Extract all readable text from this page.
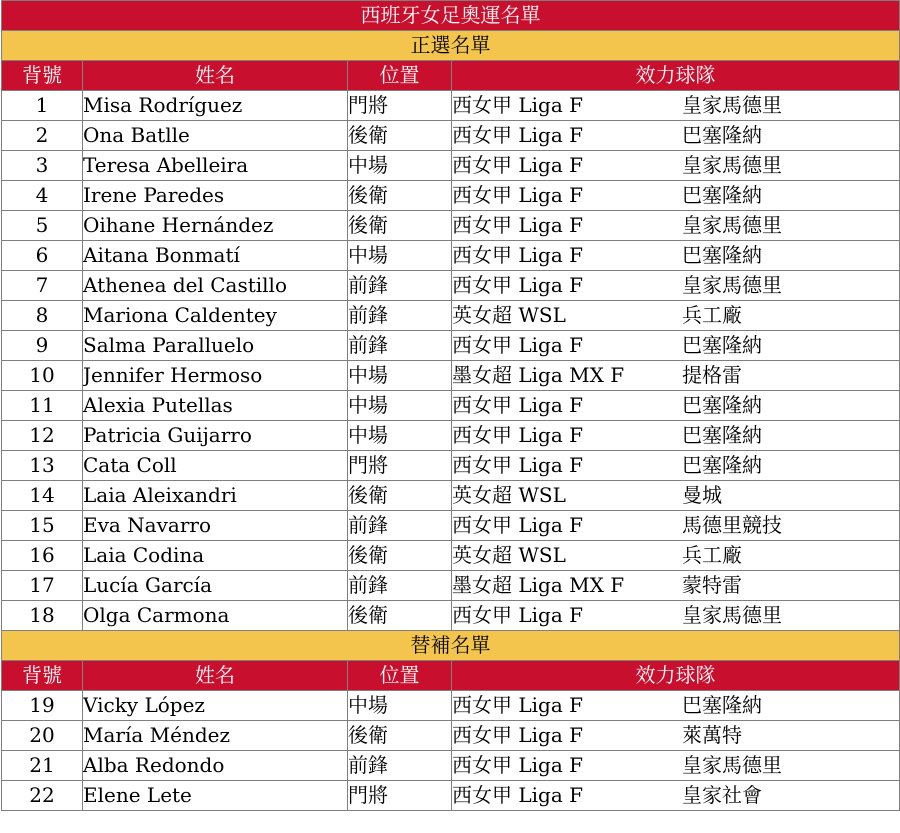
西班牙女足奧運名單			
正選名單			
背號	姓名	位置	效力球隊
1	Misa Rodríguez	門將	西女甲 Liga F 皇家馬德里
2	Ona Batlle	後衛	西女甲 Liga F 巴塞隆納
3	Teresa Abelleira	中場	西女甲 Liga F 皇家馬德里
4	Irene Paredes	後衛	西女甲 Liga F 巴塞隆納
5	Oihane Hernández	後衛	西女甲 Liga F 皇家馬德里
6	Aitana Bonmatí	中場	西女甲 Liga F 巴塞隆納
7	Athenea del Castillo	前鋒	西女甲 Liga F 皇家馬德里
8	Mariona Caldentey	前鋒	英女超 WSL 兵工廠
9	Salma Paralluelo	前鋒	西女甲 Liga F 巴塞隆納
10	Jennifer Hermoso	中場	墨女超 Liga MX F 提格雷
11	Alexia Putellas	中場	西女甲 Liga F 巴塞隆納
12	Patricia Guijarro	中場	西女甲 Liga F 巴塞隆納
13	Cata Coll	門將	西女甲 Liga F 巴塞隆納
14	Laia Aleixandri	後衛	英女超 WSL 曼城
15	Eva Navarro	前鋒	西女甲 Liga F 馬德里競技
16	Laia Codina	後衛	英女超 WSL 兵工廠
17	Lucía García	前鋒	墨女超 Liga MX F 蒙特雷
18	Olga Carmona	後衛	西女甲 Liga F 皇家馬德里
替補名單			
背號	姓名	位置	效力球隊
19	Vicky López	中場	西女甲 Liga F 巴塞隆納
20	María Méndez	後衛	西女甲 Liga F 萊萬特
21	Alba Redondo	前鋒	西女甲 Liga F 皇家馬德里
22	Elene Lete	門將	西女甲 Liga F 皇家社會
